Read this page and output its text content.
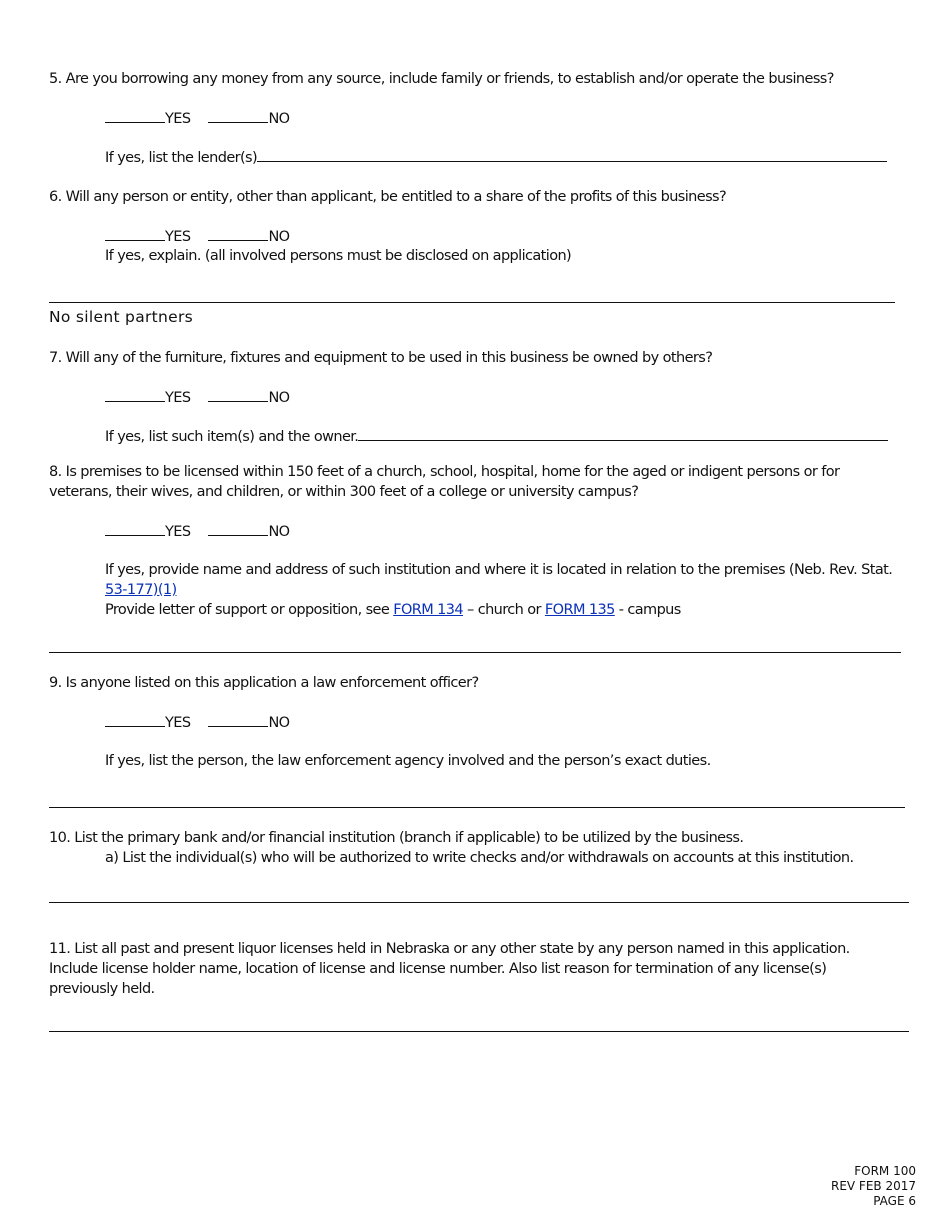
5. Are you borrowing any money from any source, include family or friends, to establish and/or operate the business?
YES	NO
If yes, list the lender(s)
6. Will any person or entity, other than applicant, be entitled to a share of the profits of this business?
YES	NO
If yes, explain. (all involved persons must be disclosed on application)
No silent partners
7. Will any of the furniture, fixtures and equipment to be used in this business be owned by others?
YES	NO
If yes, list such item(s) and the owner.
8. Is premises to be licensed within 150 feet of a church, school, hospital, home for the aged or indigent persons or for
veterans, their wives, and children, or within 300 feet of a college or university campus?
YES	NO
If yes, provide name and address of such institution and where it is located in relation to the premises (Neb. Rev. Stat.
53-177)(1)
Provide letter of support or opposition, see FORM 134 – church or FORM 135 - campus
9. Is anyone listed on this application a law enforcement officer?
YES	NO
If yes, list the person, the law enforcement agency involved and the person’s exact duties.
10. List the primary bank and/or financial institution (branch if applicable) to be utilized by the business.
a) List the individual(s) who will be authorized to write checks and/or withdrawals on accounts at this institution.
11. List all past and present liquor licenses held in Nebraska or any other state by any person named in this application.
Include license holder name, location of license and license number. Also list reason for termination of any license(s)
previously held.
FORM 100
REV FEB 2017
PAGE 6
